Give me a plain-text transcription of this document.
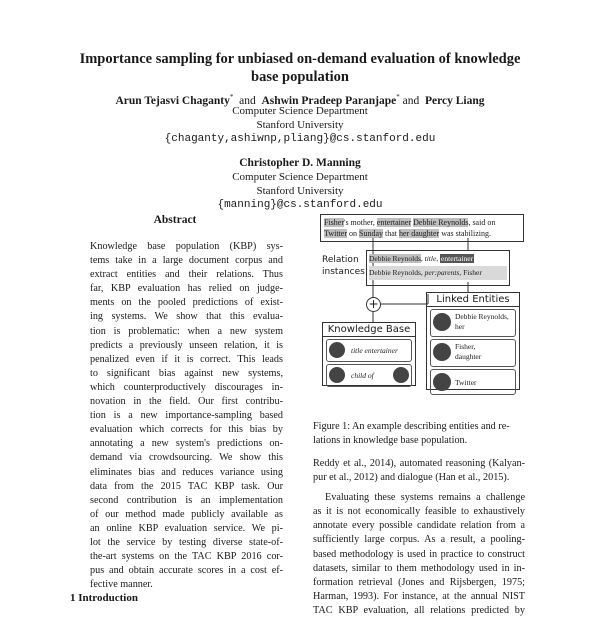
Importance sampling for unbiased on-demand evaluation of knowledge
base population
Arun Tejasvi Chaganty* and Ashwin Pradeep Paranjape* and Percy Liang
Computer Science Department
Stanford University
{chaganty,ashiwnp,pliang}@cs.stanford.edu
Christopher D. Manning
Computer Science Department
Stanford University
{manning}@cs.stanford.edu
Abstract
Knowledge base population (KBP) sys-
tems take in a large document corpus and
extract entities and their relations. Thus
far, KBP evaluation has relied on judge-
ments on the pooled predictions of exist-
ing systems. We show that this evalua-
tion is problematic: when a new system
predicts a previously unseen relation, it is
penalized even if it is correct. This leads
to significant bias against new systems,
which counterproductively discourages in-
novation in the field. Our first contribu-
tion is a new importance-sampling based
evaluation which corrects for this bias by
annotating a new system's predictions on-
demand via crowdsourcing. We show this
eliminates bias and reduces variance using
data from the 2015 TAC KBP task. Our
second contribution is an implementation
of our method made publicly available as
an online KBP evaluation service. We pi-
lot the service by testing diverse state-of-
the-art systems on the TAC KBP 2016 cor-
pus and obtain accurate scores in a cost ef-
fective manner.
1 Introduction
Fisher's mother, entertainer Debbie Reynolds, said on Twitter on Sunday that her daughter was stabilizing.
Relation
instances
Debbie Reynolds, title, entertainer
Debbie Reynolds, per:parents, Fisher
+	Linked Entities
Debbie Reynolds, her
Fisher, daughter
Twitter
Knowledge Base
title entertainer
child of
Figure 1: An example describing entities and re-
lations in knowledge base population.
Reddy et al., 2014), automated reasoning (Kalyan-
pur et al., 2012) and dialogue (Han et al., 2015).
Evaluating these systems remains a challenge
as it is not economically feasible to exhaustively
annotate every possible candidate relation from a
sufficiently large corpus. As a result, a pooling-
based methodology is used in practice to construct
datasets, similar to them methodology used in in-
formation retrieval (Jones and Rijsbergen, 1975;
Harman, 1993). For instance, at the annual NIST
TAC KBP evaluation, all relations predicted by
